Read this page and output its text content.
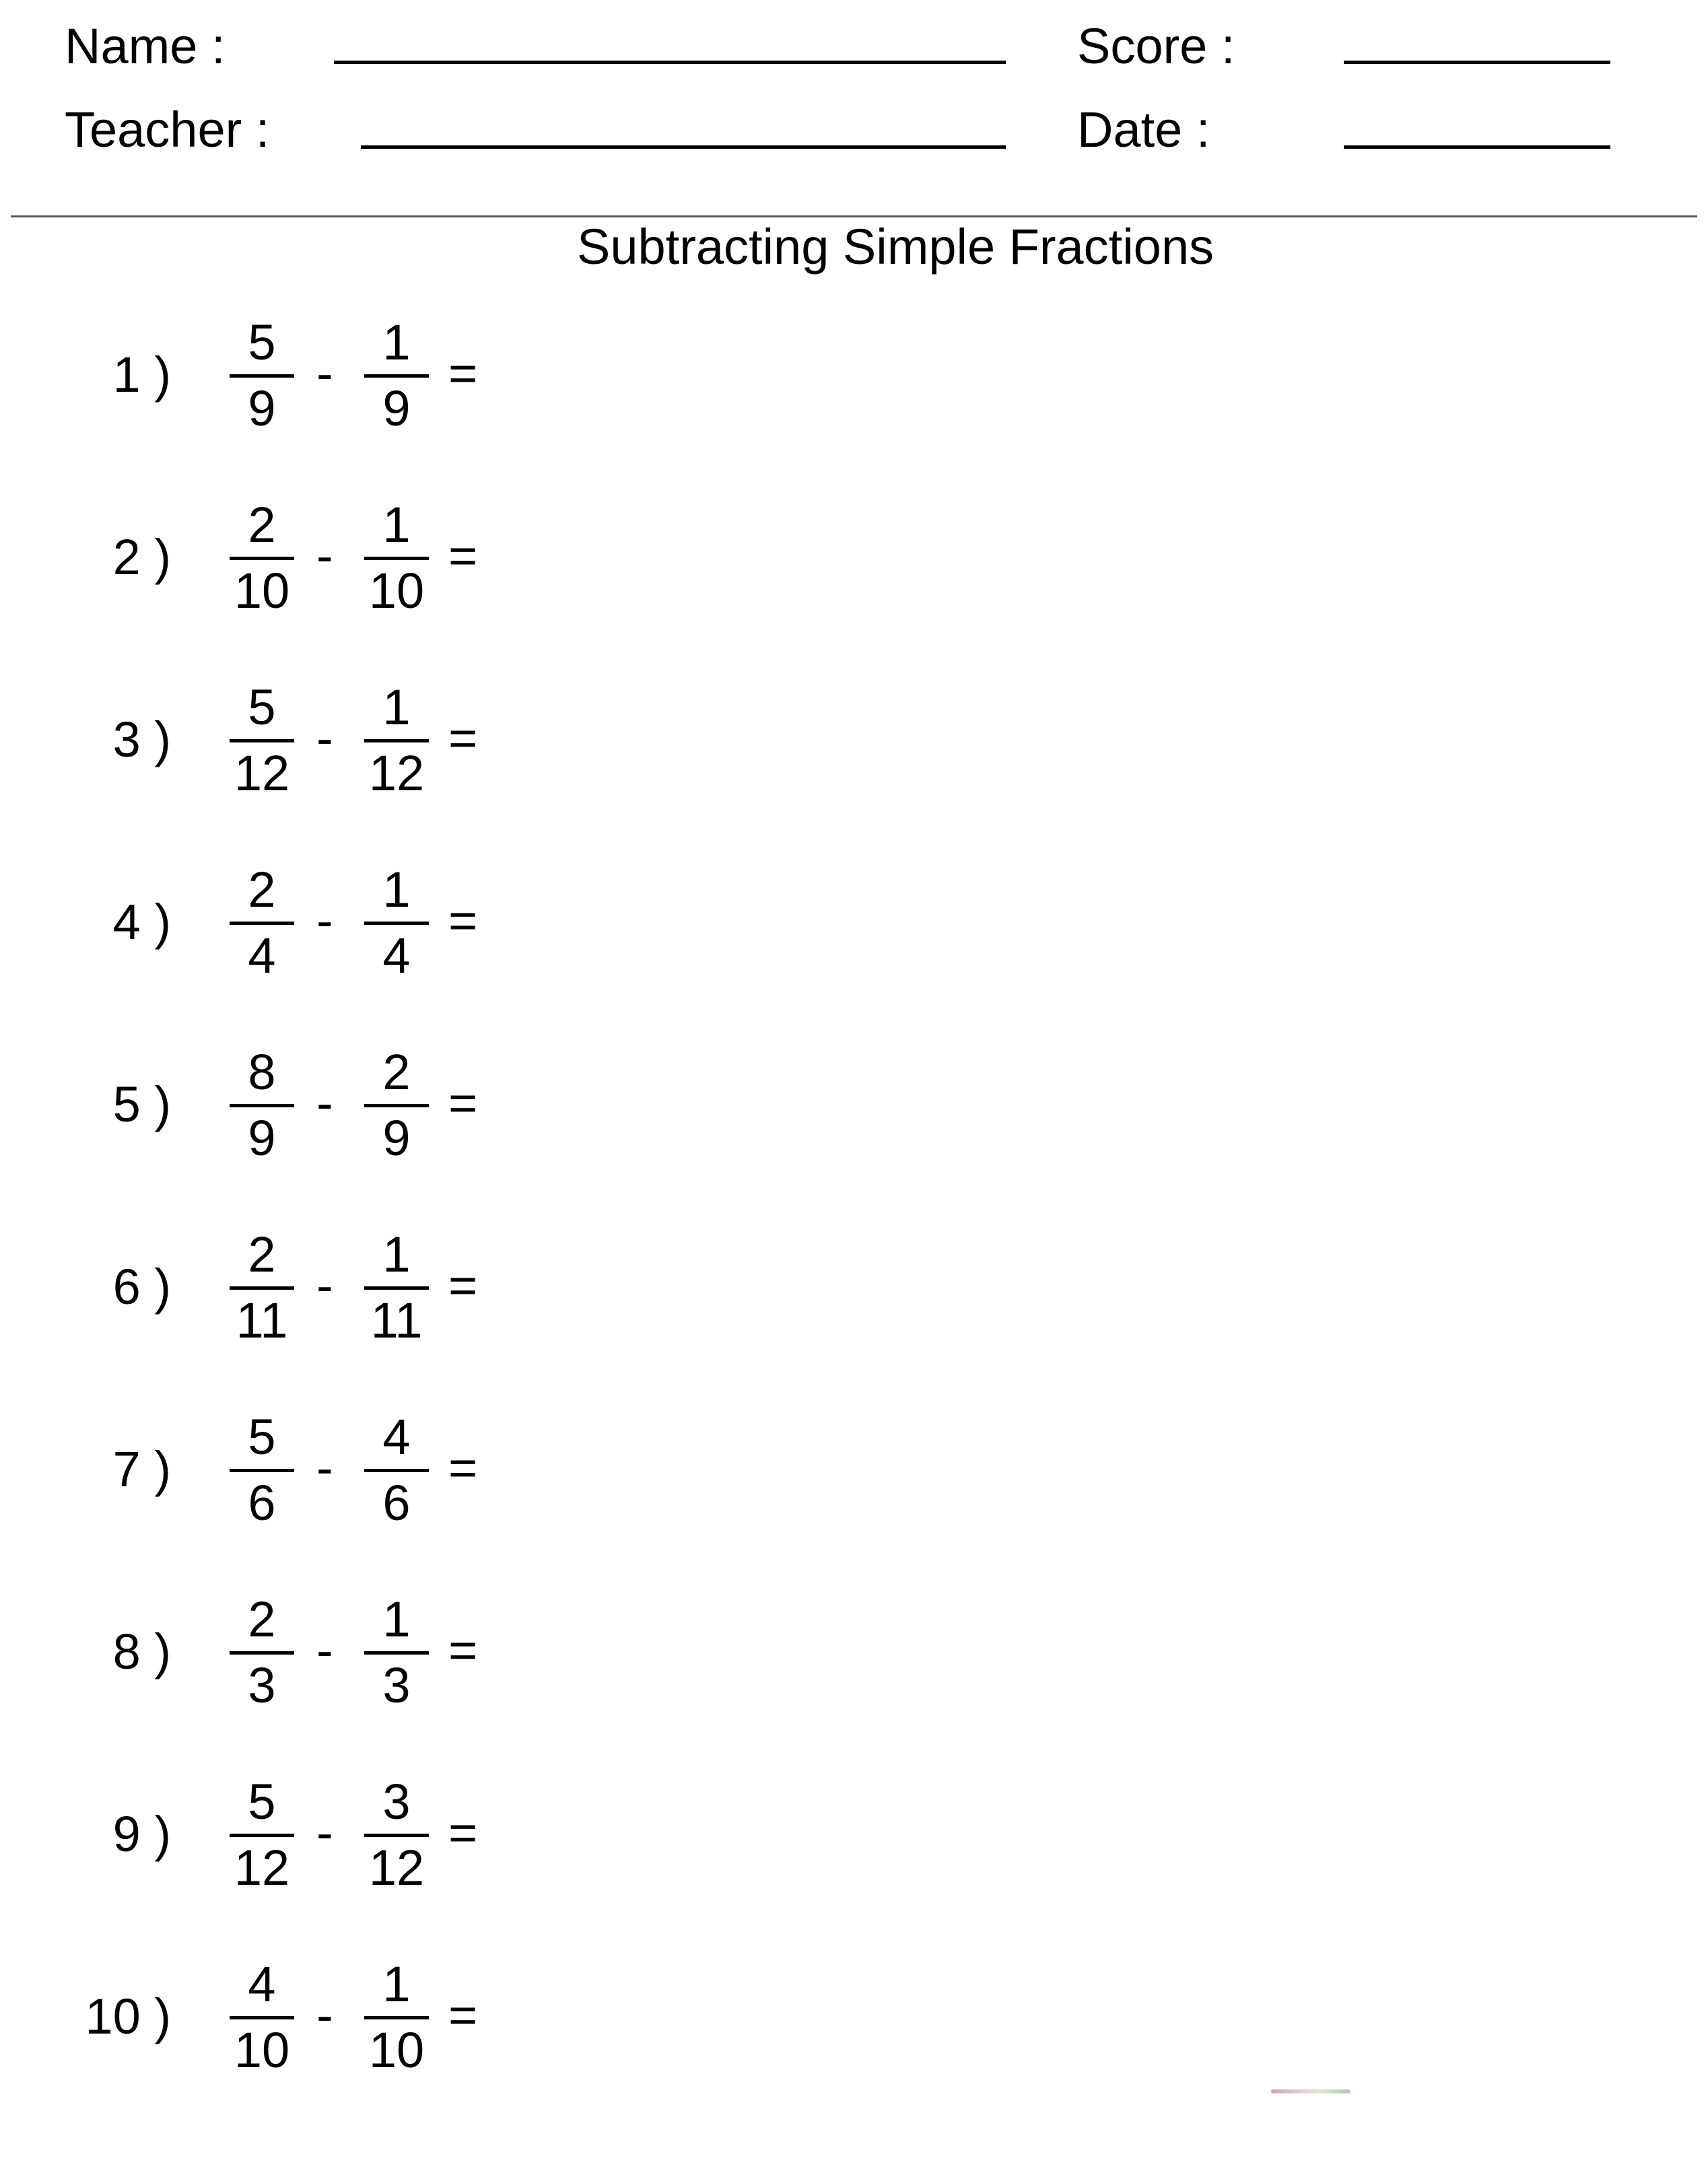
Name :
Teacher :
Score :
Date :
Subtracting Simple Fractions
1 )
5
9
-
1
9
=
2 )
2
10
-
1
10
=
3 )
5
12
-
1
12
=
4 )
2
4
-
1
4
=
5 )
8
9
-
2
9
=
6 )
2
11
-
1
11
=
7 )
5
6
-
4
6
=
8 )
2
3
-
1
3
=
9 )
5
12
-
3
12
=
10 )
4
10
-
1
10
=
